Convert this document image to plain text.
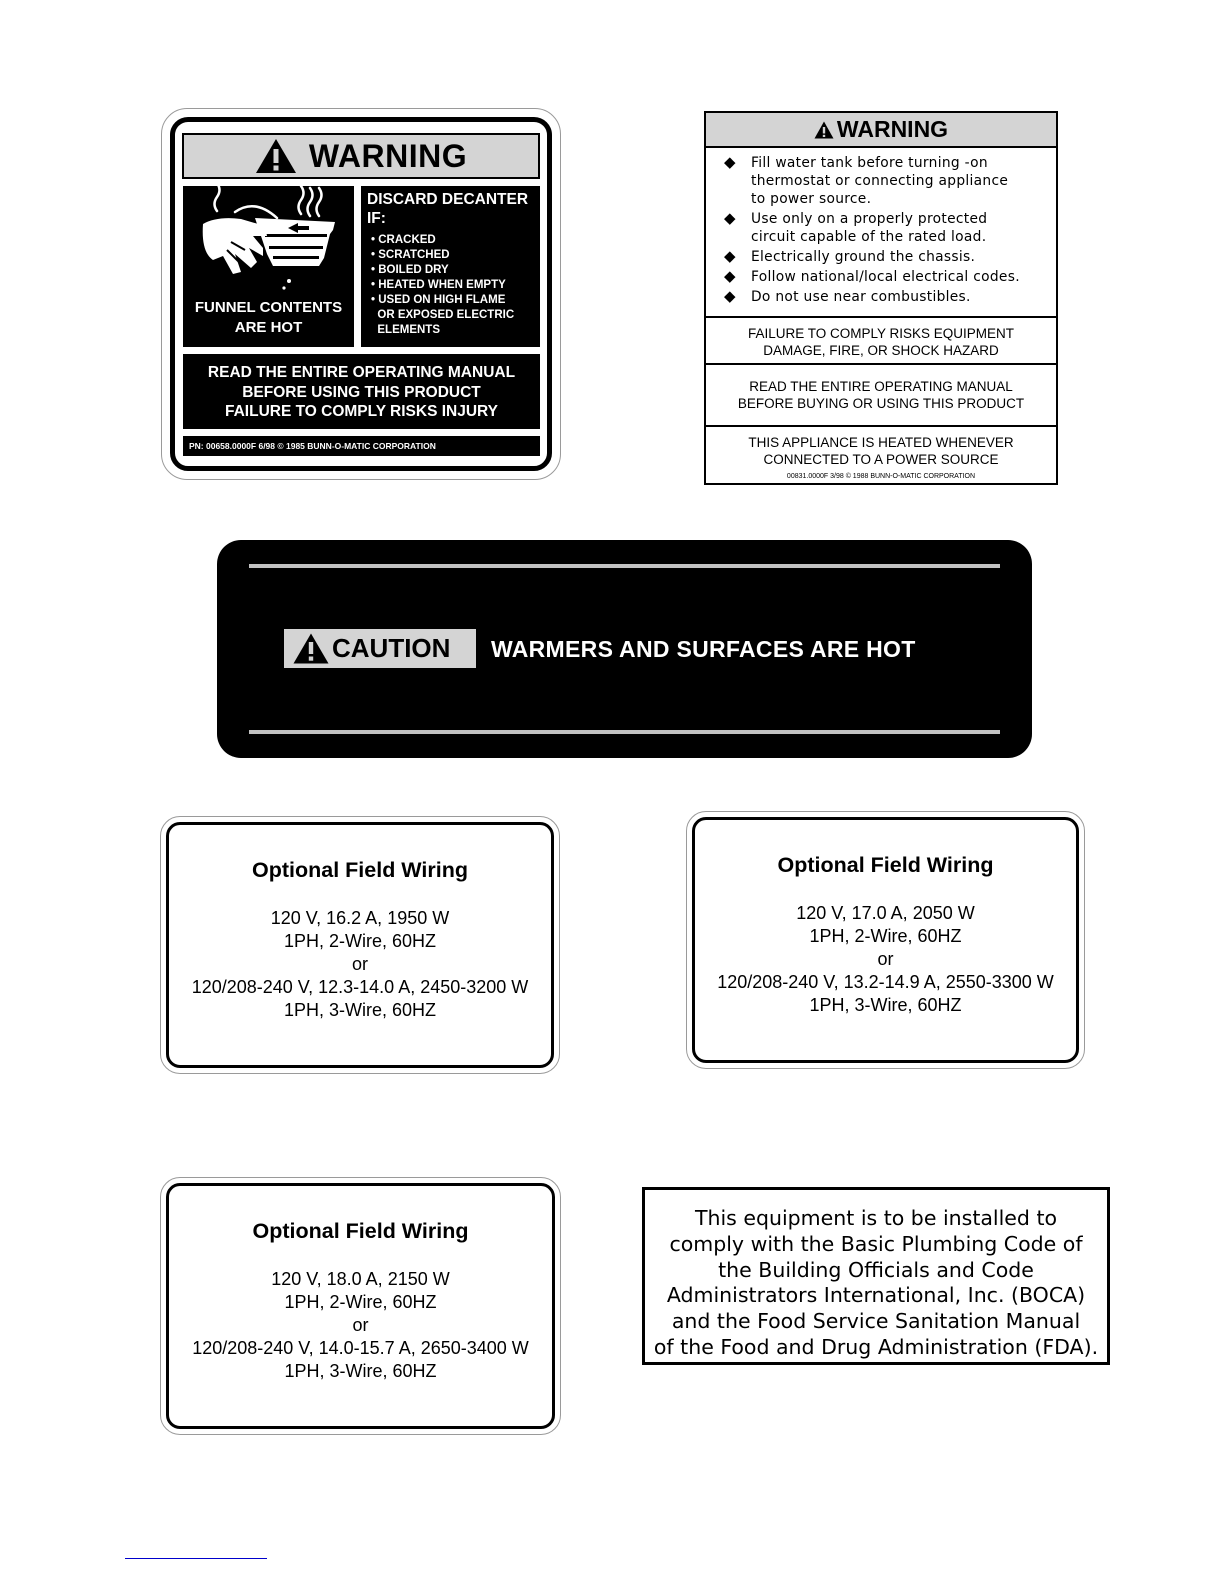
WARNING
FUNNEL CONTENTS
ARE HOT
DISCARD DECANTER
IF:
• CRACKED
• SCRATCHED
• BOILED DRY
• HEATED WHEN EMPTY
• USED ON HIGH FLAME
OR EXPOSED ELECTRIC
ELEMENTS
READ THE ENTIRE OPERATING MANUAL
BEFORE USING THIS PRODUCT
FAILURE TO COMPLY RISKS INJURY
PN: 00658.0000F 6/98 © 1985 BUNN-O-MATIC CORPORATION
WARNING
◆	Fill water tank before turning -on
thermostat or connecting appliance
to power source.
◆	Use only on a properly protected
circuit capable of the rated load.
◆	Electrically ground the chassis.
◆	Follow national/local electrical codes.
◆	Do not use near combustibles.
FAILURE TO COMPLY RISKS EQUIPMENT
DAMAGE, FIRE, OR SHOCK HAZARD
READ THE ENTIRE OPERATING MANUAL
BEFORE BUYING OR USING THIS PRODUCT
THIS APPLIANCE IS HEATED WHENEVER
CONNECTED TO A POWER SOURCE
00831.0000F 3/98 © 1988 BUNN-O-MATIC CORPORATION
CAUTION WARMERS AND SURFACES ARE HOT
Optional Field Wiring
120 V, 16.2 A, 1950 W
1PH, 2-Wire, 60HZ
or
120/208-240 V, 12.3-14.0 A, 2450-3200 W
1PH, 3-Wire, 60HZ
Optional Field Wiring
120 V, 17.0 A, 2050 W
1PH, 2-Wire, 60HZ
or
120/208-240 V, 13.2-14.9 A, 2550-3300 W
1PH, 3-Wire, 60HZ
Optional Field Wiring
120 V, 18.0 A, 2150 W
1PH, 2-Wire, 60HZ
or
120/208-240 V, 14.0-15.7 A, 2650-3400 W
1PH, 3-Wire, 60HZ
This equipment is to be installed to
comply with the Basic Plumbing Code of
the Building Officials and Code
Administrators International, Inc. (BOCA)
and the Food Service Sanitation Manual
of the Food and Drug Administration (FDA).
